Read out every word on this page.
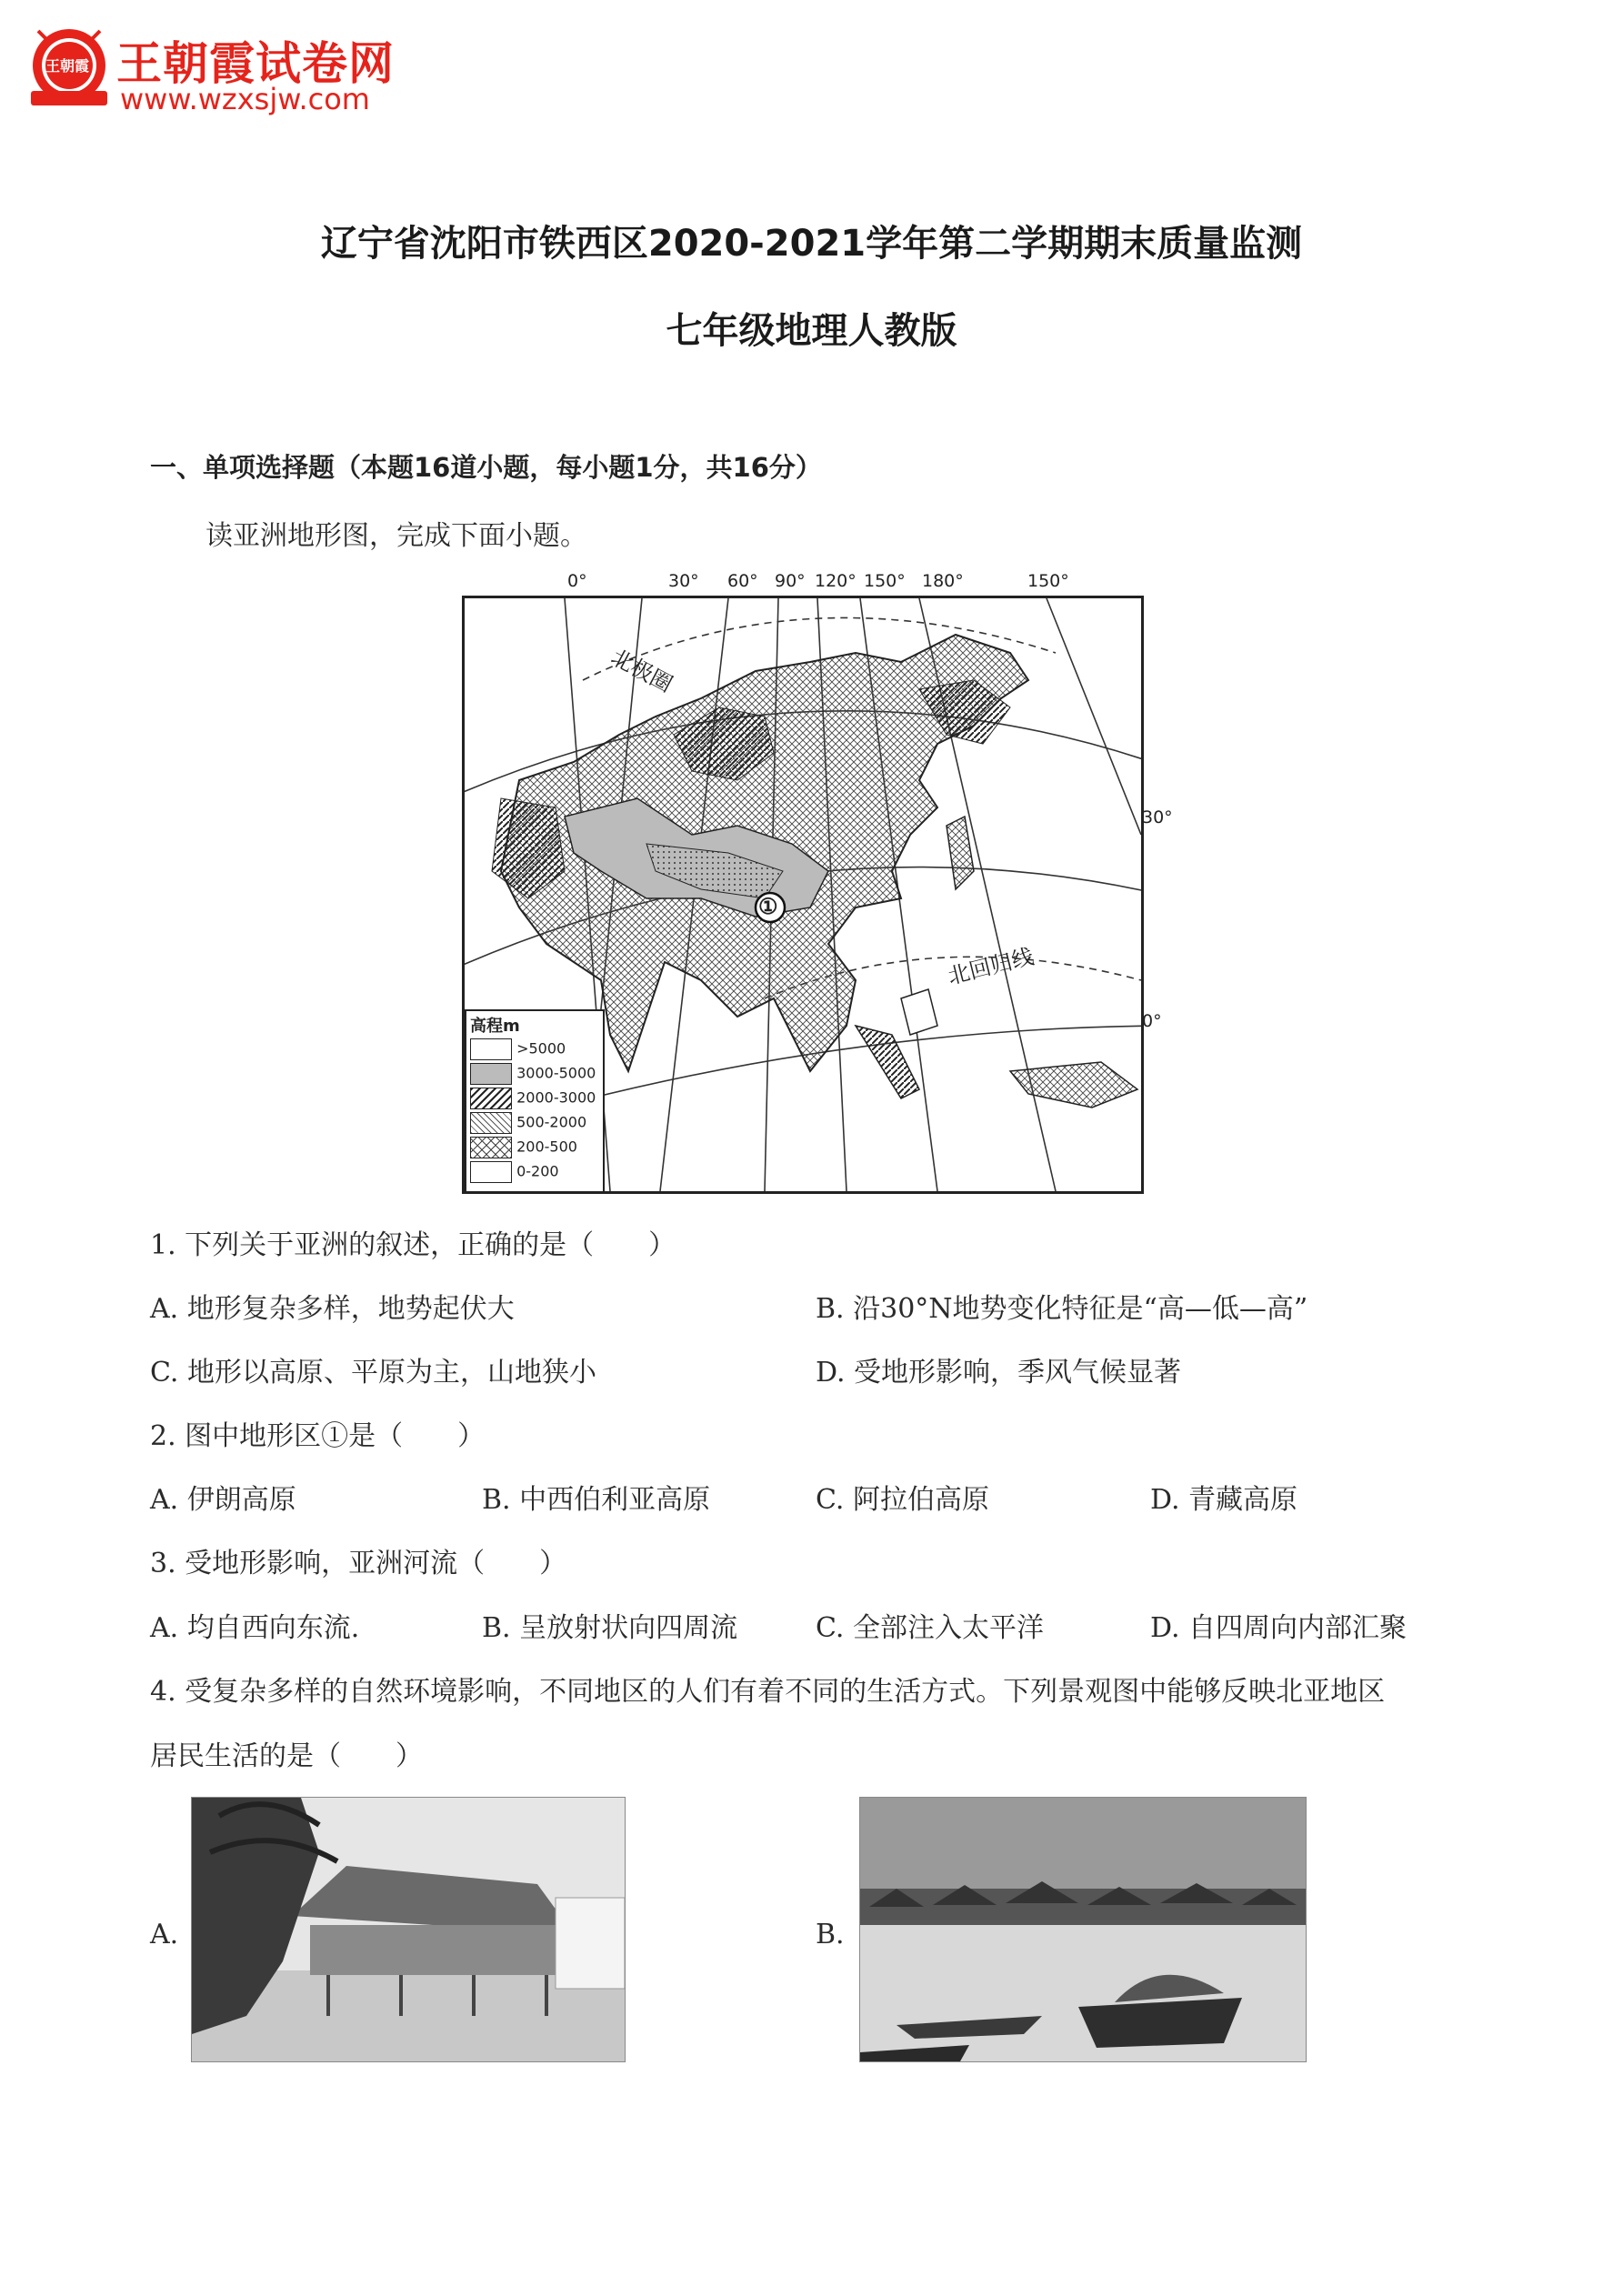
王朝霞 王朝霞试卷网
www.wzxsjw.com
辽宁省沈阳市铁西区2020-2021学年第二学期期末质量监测
七年级地理人教版
一、单项选择题（本题16道小题，每小题1分，共16分）
读亚洲地形图，完成下面小题。
0°	30° 60° 90° 120° 150° 180°	150°
①
北极圈
北回归线
高程m
>5000
3000-5000
2000-3000
500-2000
200-500
0-200
30°
0°
1. 下列关于亚洲的叙述，正确的是（　　）
A. 地形复杂多样，地势起伏大	B. 沿30°N地势变化特征是“高—低—高”
C. 地形以高原、平原为主，山地狭小	D. 受地形影响，季风气候显著
2. 图中地形区①是（　　）
A. 伊朗高原	B. 中西伯利亚高原	C. 阿拉伯高原	D. 青藏高原
3. 受地形影响，亚洲河流（　　）
A. 均自西向东流.	B. 呈放射状向四周流	C. 全部注入太平洋	D. 自四周向内部汇聚
4. 受复杂多样的自然环境影响，不同地区的人们有着不同的生活方式。下列景观图中能够反映北亚地区
居民生活的是（　　）
A.	B.
